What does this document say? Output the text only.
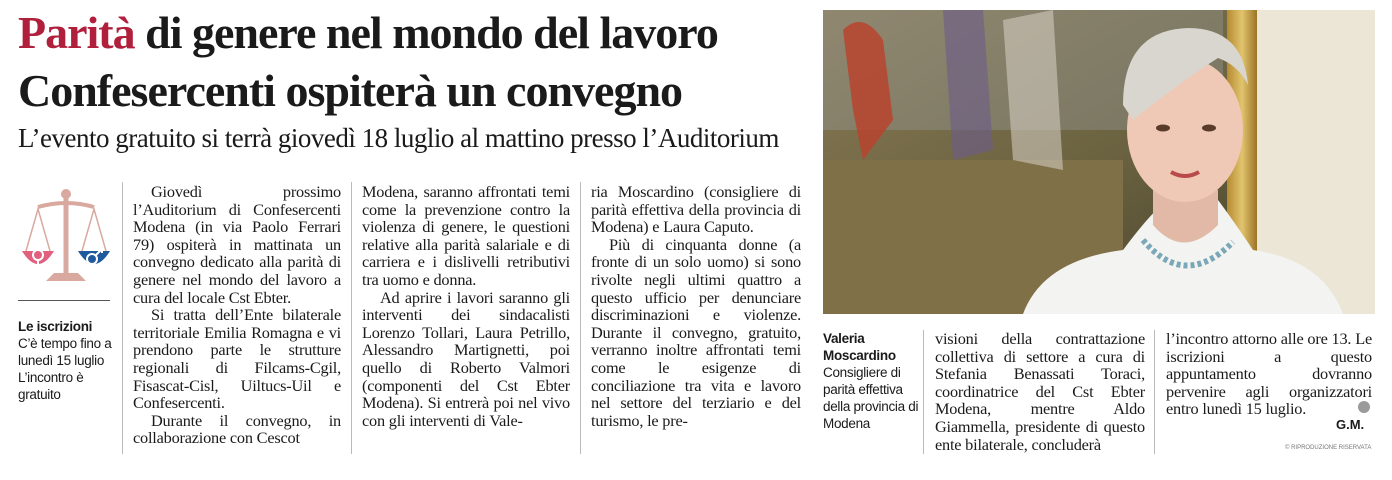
Parità di genere nel mondo del lavoro
Confesercenti ospiterà un convegno
L’evento gratuito si terrà giovedì 18 luglio al mattino presso l’Auditorium
Le iscrizioni
C’è tempo fino a lunedì 15 luglio L’incontro è gratuito

Giovedì prossimo l’Auditorium di Confesercenti Modena (in via Paolo Ferrari 79) ospiterà in mattinata un convegno dedicato alla parità di genere nel mondo del lavoro a cura del locale Cst Ebter.

Si tratta dell’Ente bilaterale territoriale Emilia Romagna e vi prendono parte le strutture regionali di Filcams-Cgil, Fisascat-Cisl, Uiltucs-Uil e Confesercenti.

Durante il convegno, in collaborazione con Cescot

Modena, saranno affrontati temi come la prevenzione contro la violenza di genere, le questioni relative alla parità salariale e di carriera e i dislivelli retributivi tra uomo e donna.

Ad aprire i lavori saranno gli interventi dei sindacalisti Lorenzo Tollari, Laura Petrillo, Alessandro Martignetti, poi quello di Roberto Valmori (componenti del Cst Ebter Modena). Si entrerà poi nel vivo con gli interventi di Vale-

ria Moscardino (consigliere di parità effettiva della provincia di Modena) e Laura Caputo.

Più di cinquanta donne (a fronte di un solo uomo) si sono rivolte negli ultimi quattro a questo ufficio per denunciare discriminazioni e violenze. Durante il convegno, gratuito, verranno inoltre affrontati temi come le esigenze di conciliazione tra vita e lavoro nel settore del terziario e del turismo, le pre-

visioni della contrattazione collettiva di settore a cura di Stefania Benassati Toraci, coordinatrice del Cst Ebter Modena, mentre Aldo Giammella, presidente di questo ente bilaterale, concluderà

l’incontro attorno alle ore 13. Le iscrizioni a questo appuntamento dovranno pervenire agli organizzatori entro lunedì 15 luglio.

G.M.
© RIPRODUZIONE RISERVATA
Valeria Moscardino
Consigliere di parità effettiva della provincia di Modena
